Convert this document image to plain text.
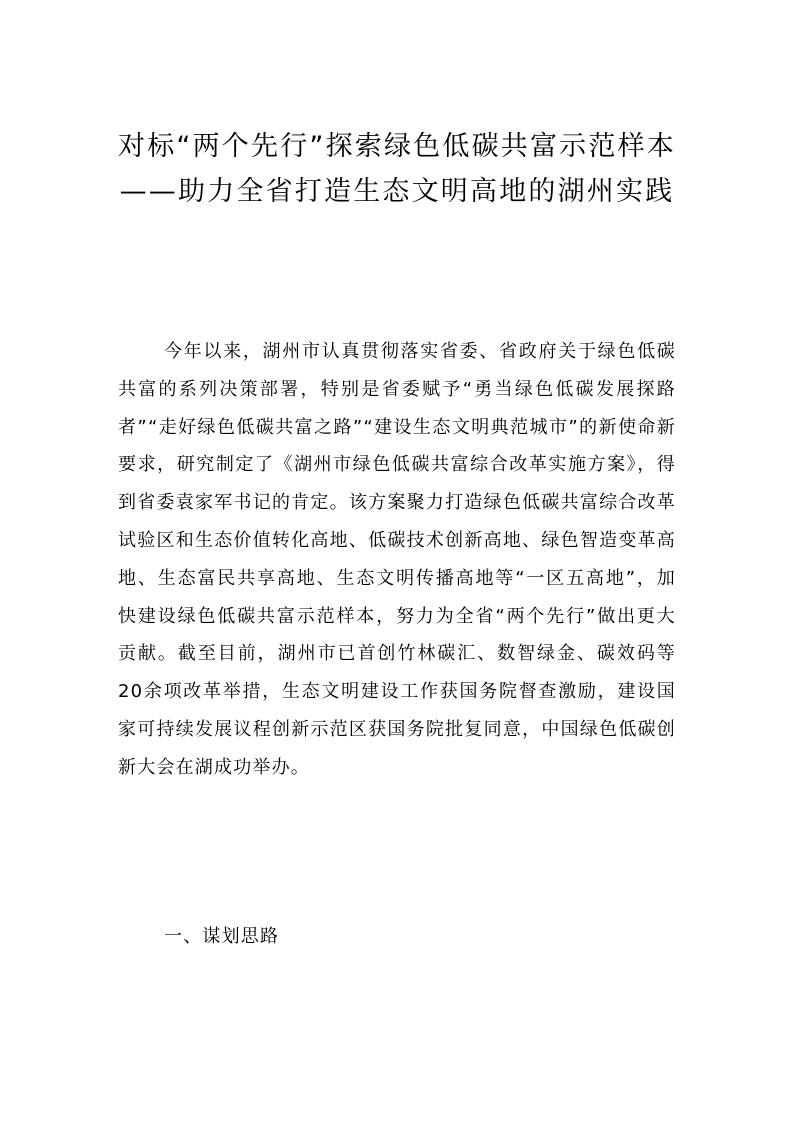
对标“两个先行”探索绿色低碳共富示范样本——助力全省打造生态文明高地的湖州实践

今年以来，湖州市认真贯彻落实省委、省政府关于绿色低碳共富的系列决策部署，特别是省委赋予“勇当绿色低碳发展探路者”“走好绿色低碳共富之路”“建设生态文明典范城市”的新使命新要求，研究制定了《湖州市绿色低碳共富综合改革实施方案》，得到省委袁家军书记的肯定。该方案聚力打造绿色低碳共富综合改革试验区和生态价值转化高地、低碳技术创新高地、绿色智造变革高地、生态富民共享高地、生态文明传播高地等“一区五高地”，加快建设绿色低碳共富示范样本，努力为全省“两个先行”做出更大贡献。截至目前，湖州市已首创竹林碳汇、数智绿金、碳效码等20余项改革举措，生态文明建设工作获国务院督查激励，建设国家可持续发展议程创新示范区获国务院批复同意，中国绿色低碳创新大会在湖成功举办。

一、谋划思路
